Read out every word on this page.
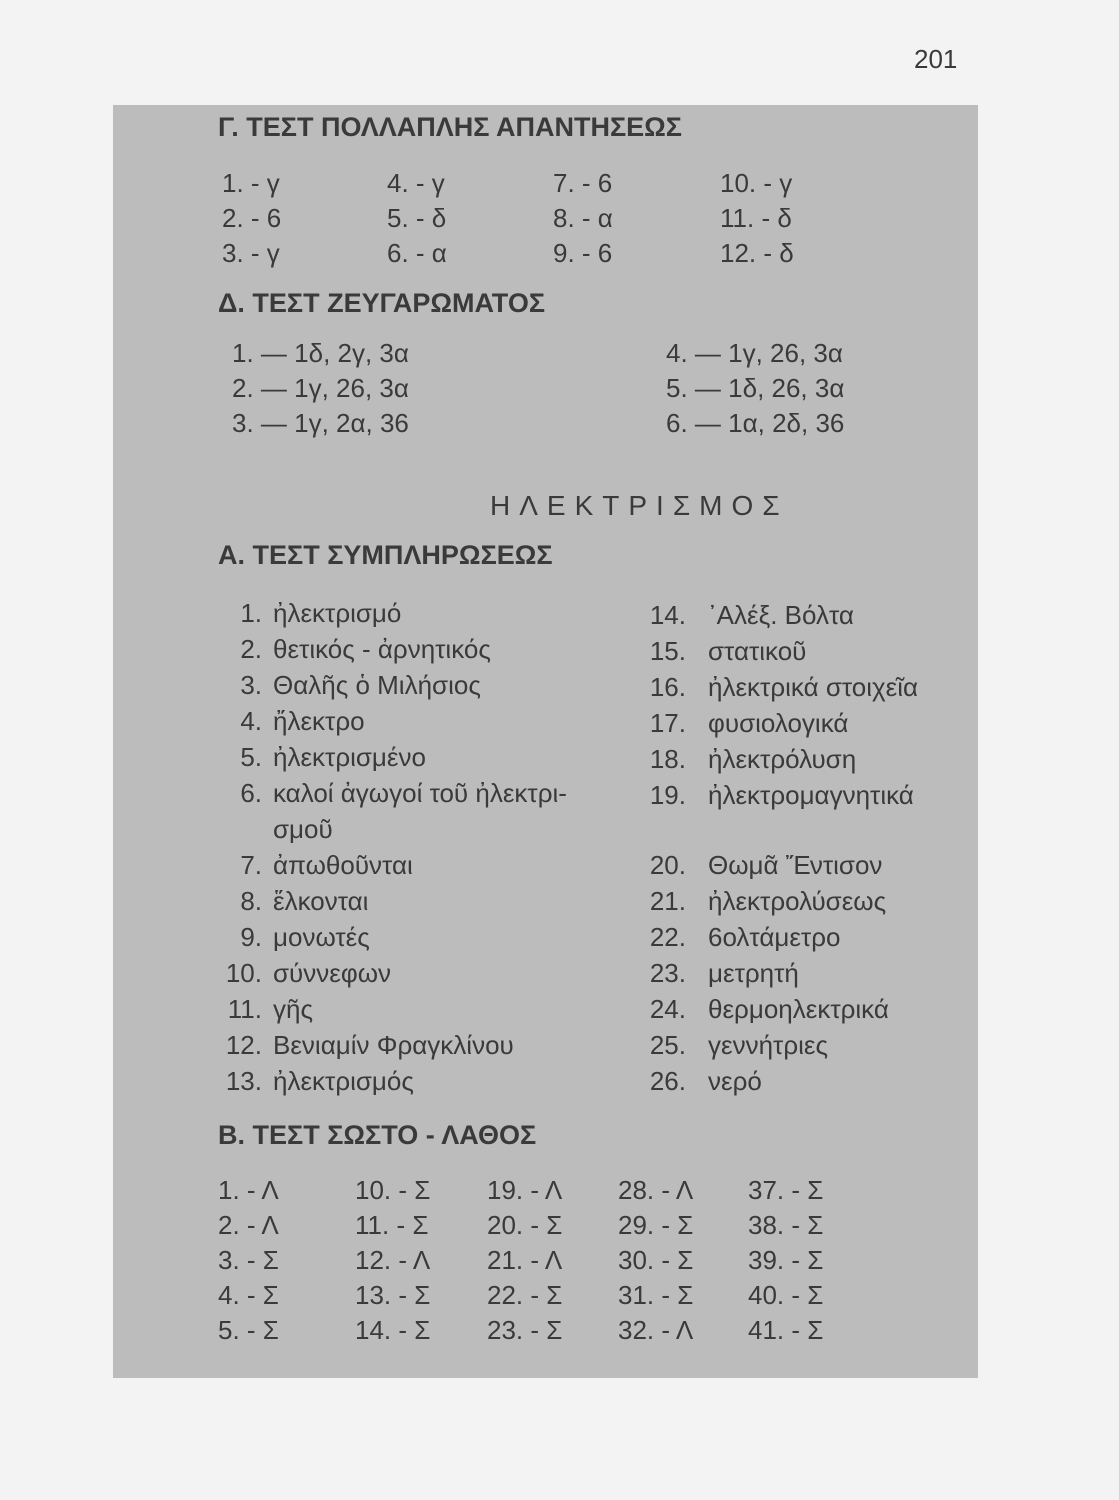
201
Γ. ΤΕΣΤ ΠΟΛΛΑΠΛΗΣ ΑΠΑΝΤΗΣΕΩΣ
1. - γ
2. - 6
3. - γ
4. - γ
5. - δ
6. - α
7. - 6
8. - α
9. - 6
10. - γ
11. - δ
12. - δ
Δ. ΤΕΣΤ ΖΕΥΓΑΡΩΜΑΤΟΣ
1. — 1δ, 2γ, 3α
2. — 1γ, 26, 3α
3. — 1γ, 2α, 36
4. — 1γ, 26, 3α
5. — 1δ, 26, 3α
6. — 1α, 2δ, 36
Α. ΤΕΣΤ ΣΥΜΠΛΗΡΩΣΕΩΣ
1. ἠλεκτρισμό
2. θετικός - ἀρνητικός
3. Θαλῆς ὁ Μιλήσιος
4. ἤλεκτρο
5. ἠλεκτρισμένο
6. καλοί ἀγωγοί τοῦ ἠλεκτρι-
σμοῦ
7. ἀπωθοῦνται
8. ἕλκονται
9. μονωτές
10. σύννεφων
11. γῆς
12. Βενιαμίν Φραγκλίνου
13. ἠλεκτρισμός
14. ᾽Αλέξ. Βόλτα
15. στατικοῦ
16. ἠλεκτρικά στοιχεῖα
17. φυσιολογικά
18. ἠλεκτρόλυση
19. ἠλεκτρομαγνητικά
20. Θωμᾶ Ἔντισον
21. ἠλεκτρολύσεως
22. 6ολτάμετρο
23. μετρητή
24. θερμοηλεκτρικά
25. γεννήτριες
26. νερό
Β. ΤΕΣΤ ΣΩΣΤΟ - ΛΑΘΟΣ
1. - Λ
2. - Λ
3. - Σ
4. - Σ
5. - Σ
10. - Σ
11. - Σ
12. - Λ
13. - Σ
14. - Σ
19. - Λ
20. - Σ
21. - Λ
22. - Σ
23. - Σ
28. - Λ
29. - Σ
30. - Σ
31. - Σ
32. - Λ
37. - Σ
38. - Σ
39. - Σ
40. - Σ
41. - Σ
ΗΛΕΚΤΡΙΣΜΟΣ
